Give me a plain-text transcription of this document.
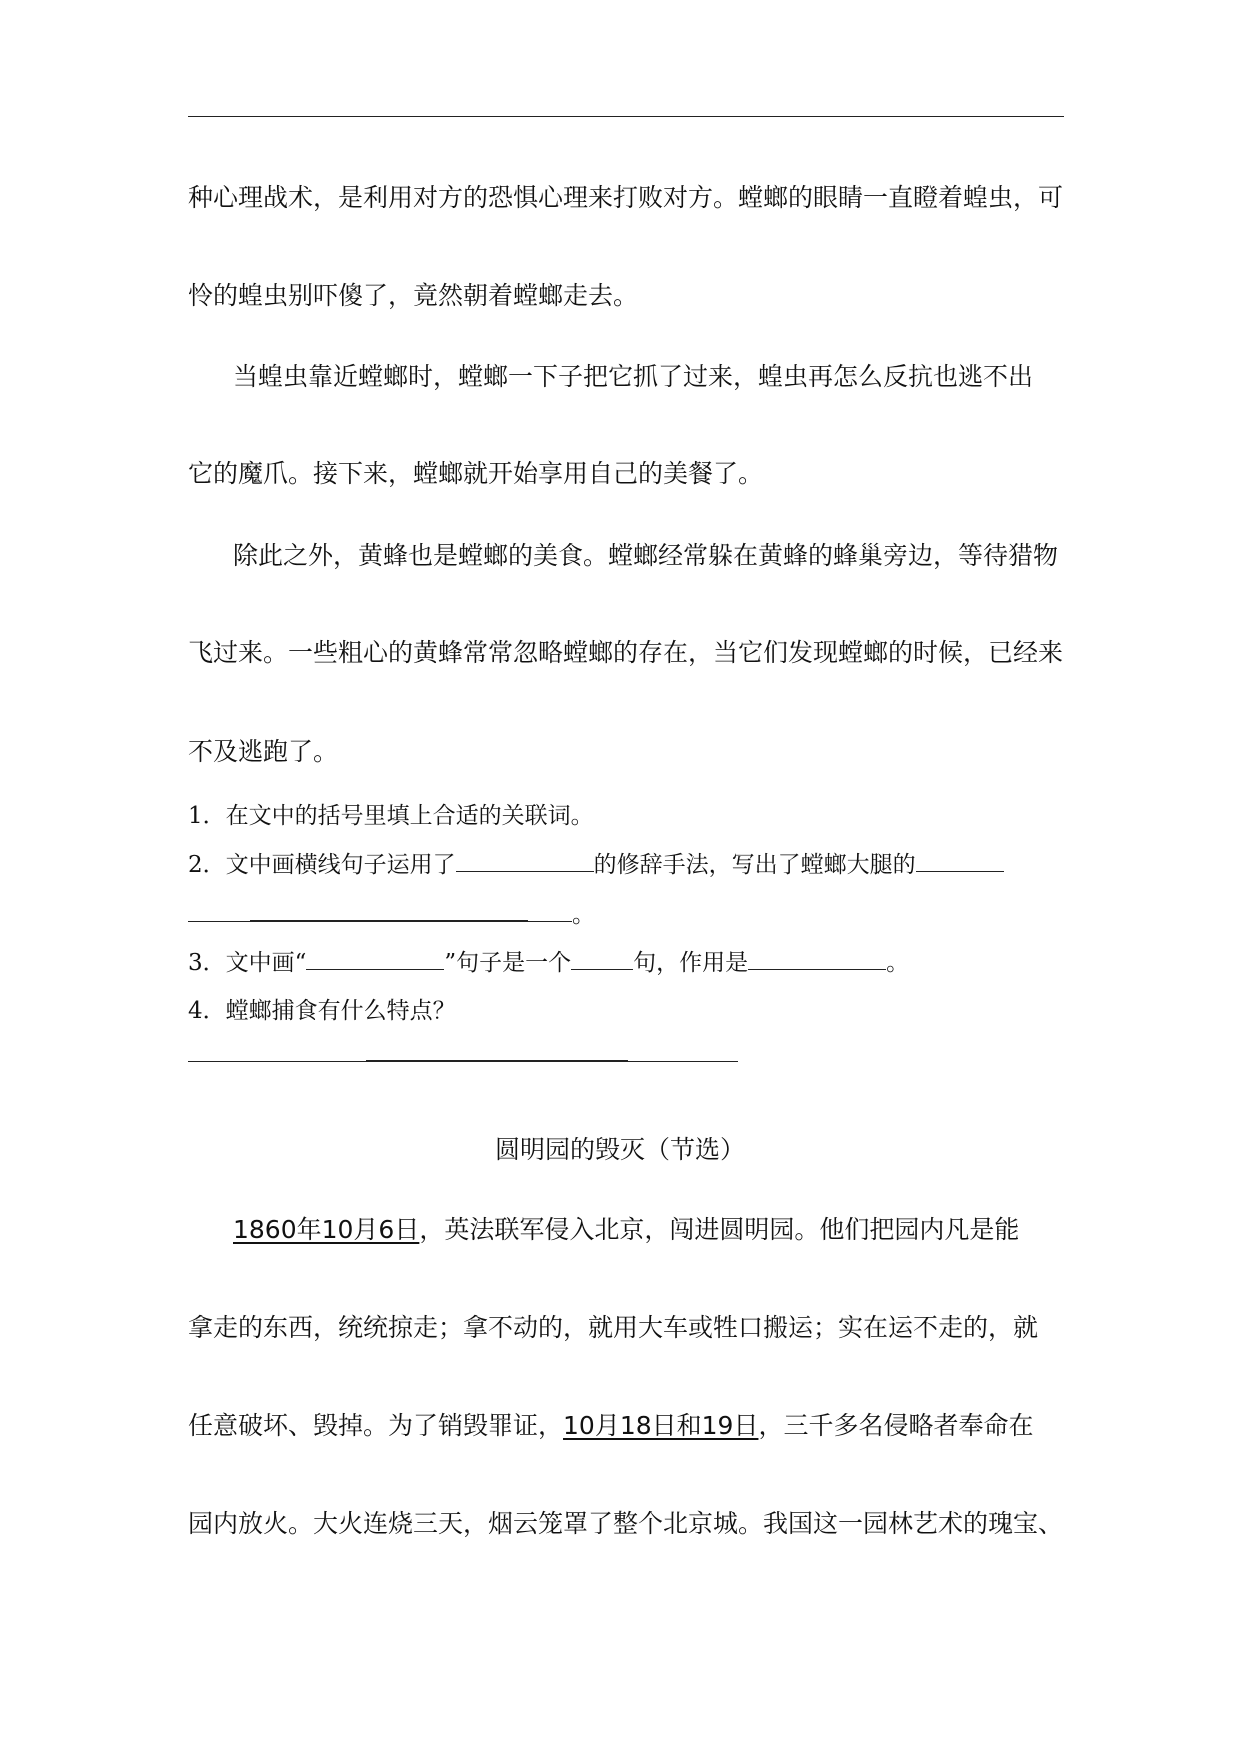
种心理战术，是利用对方的恐惧心理来打败对方。螳螂的眼睛一直瞪着蝗虫，可
怜的蝗虫别吓傻了，竟然朝着螳螂走去。
当蝗虫靠近螳螂时，螳螂一下子把它抓了过来，蝗虫再怎么反抗也逃不出
它的魔爪。接下来，螳螂就开始享用自己的美餐了。
除此之外，黄蜂也是螳螂的美食。螳螂经常躲在黄蜂的蜂巢旁边，等待猎物
飞过来。一些粗心的黄蜂常常忽略螳螂的存在，当它们发现螳螂的时候，已经来
不及逃跑了。
1．在文中的括号里填上合适的关联词。
2．文中画横线句子运用了	的修辞手法，写出了螳螂大腿的
。
3．文中画“	”句子是一个	句，作用是	。
4．螳螂捕食有什么特点？
圆明园的毁灭（节选）
1860年10月6日，英法联军侵入北京，闯进圆明园。他们把园内凡是能
拿走的东西，统统掠走；拿不动的，就用大车或牲口搬运；实在运不走的，就
任意破坏、毁掉。为了销毁罪证，10月18日和19日，三千多名侵略者奉命在
园内放火。大火连烧三天，烟云笼罩了整个北京城。我国这一园林艺术的瑰宝、
